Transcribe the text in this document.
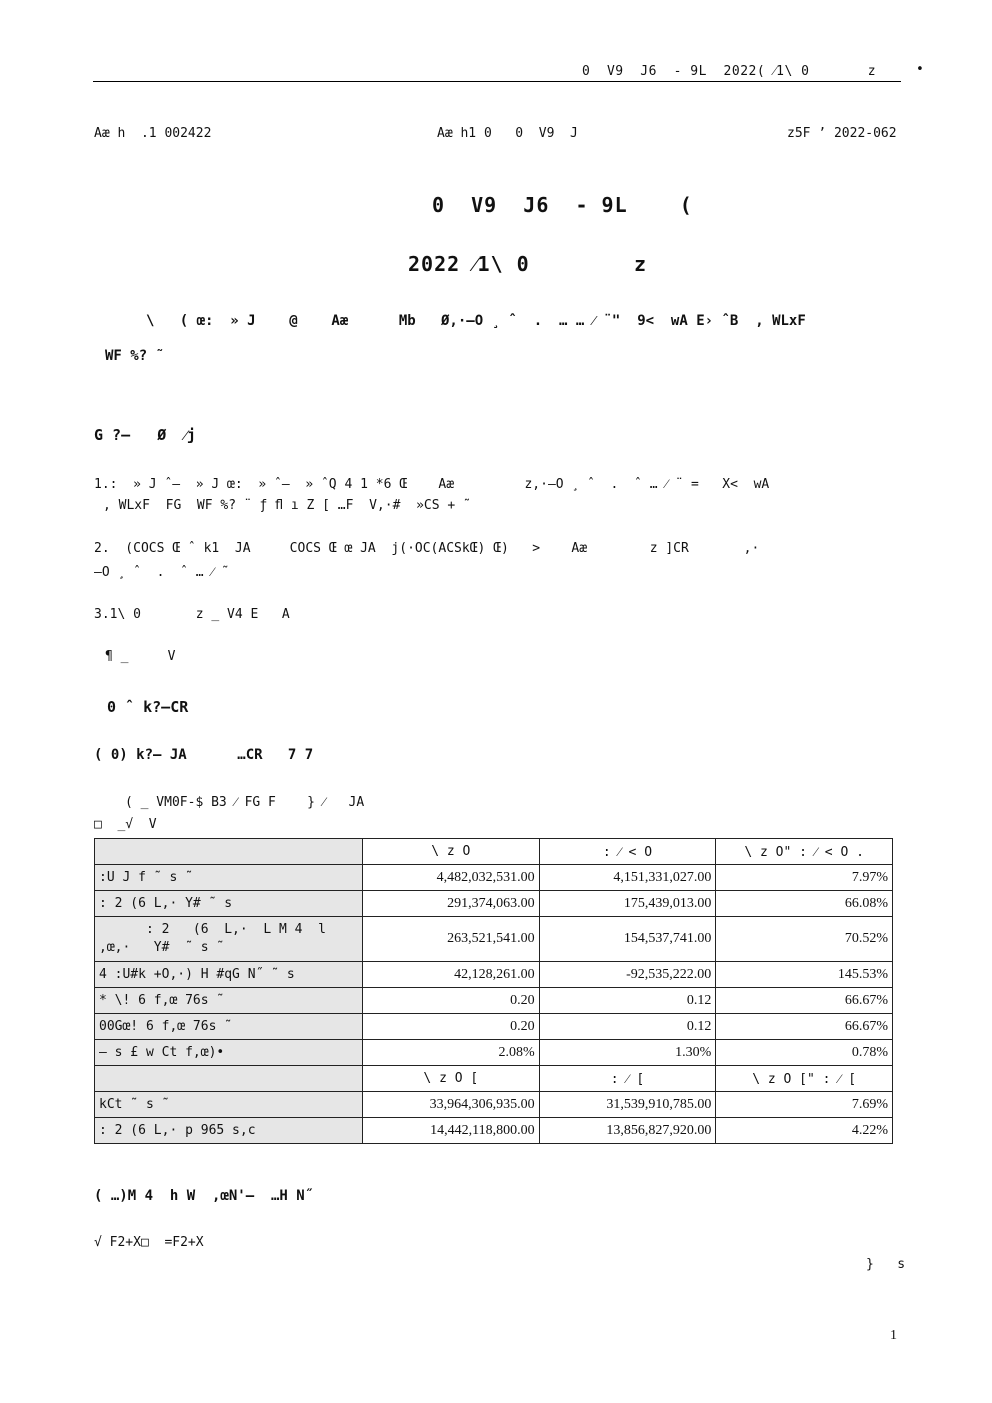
0  V9  J6  - 9L  2022( ⁄1\ 0       z	•
Aæ h  .1 002422	Aæ h1 0   0  V9  J	z5F ’ 2022-062
0  V9  J6  - 9L    (
2022 ⁄1\ 0        z
\   ( œ:  » J    @    Aæ      Mb   Ø,·–O ¸ ˆ  .  … … ⁄ ¨"  9<  wA E› ˆB  , WLxF
WF %? ˜
G ?–   Ø  ⁄j
1.:  » J ˆ–  » J œ:  » ˆ–  » ˆQ 4 1 *6 Œ    Aæ         z,·–O ¸ ˆ  .  ˆ … ⁄ ¨ =   X<  wA
, WLxF  FG  WF %? ¨ ƒ ﬂ ı Z [ …F  V,·#  »CS + ˜
2.  (COCS Œ ˆ k1  JA     COCS Œ œ JA  j(·OC(ACSkŒ) Œ)   >    Aæ        z ]CR       ,·
–O ¸ ˆ  .  ˆ … ⁄ ˜
3.1\ 0       z _ V4 E   A
¶ _     V
0 ˆ k?–CR
( 0) k?– JA      …CR   7 7
( _ VM0F-$ B3 ⁄ FG F    } ⁄   JA
□  _√  V
	\ z O	: ⁄ < O	\ z O" : ⁄ < O .
:U J f ˜ s ˜	4,482,032,531.00	4,151,331,027.00	7.97%
: 2 (6 L,· Y# ˜ s	291,374,063.00	175,439,013.00	66.08%

: 2   (6  L,·  L M 4  l
,œ,·   Y#  ˜ s ˜	263,521,541.00	154,537,741.00	70.52%
4 :U#k +O,·) H #qG N˝ ˜ s	42,128,261.00	-92,535,222.00	145.53%
* \! 6 f,œ 76s ˜	0.20	0.12	66.67%
00Gœ! 6 f,œ 76s ˜	0.20	0.12	66.67%
– s £ w Ct f,œ)•	2.08%	1.30%	0.78%
	\ z O [	: ⁄ [	\ z O [" : ⁄ [
kCt ˜ s ˜	33,964,306,935.00	31,539,910,785.00	7.69%
: 2 (6 L,· p 965 s,c	14,442,118,800.00	13,856,827,920.00	4.22%
( …)M 4  h W  ,œN'–  …H N˝
√ F2+X□  =F2+X
}   s
1
